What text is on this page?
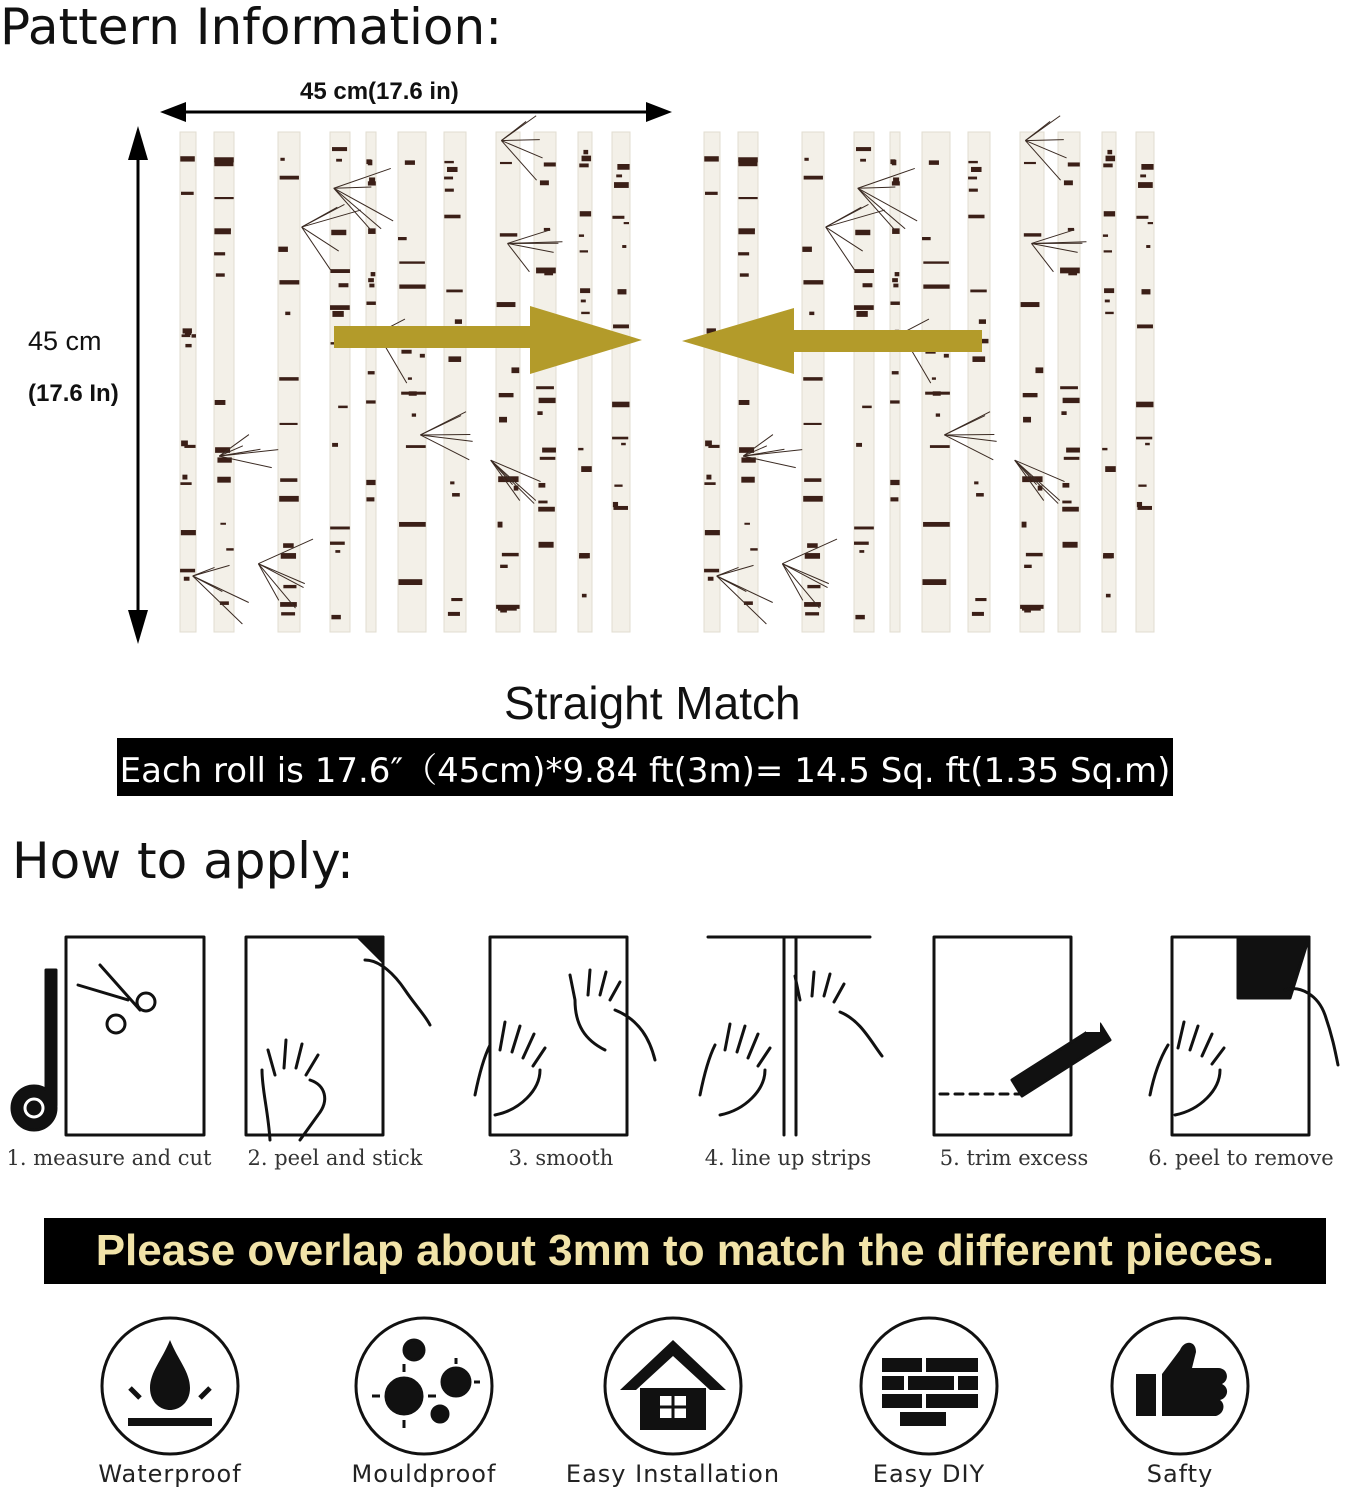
Pattern Information:
45 cm(17.6 in)
45 cm
(17.6 In)
Straight Match
Each roll is 17.6″（45cm)*9.84 ft(3m)= 14.5 Sq. ft(1.35 Sq.m)
How to apply:
1. measure and cut	2. peel and stick	3. smooth	4. line up strips	5. trim excess	6. peel to remove
Please overlap about 3mm to match the different pieces.
Waterproof	Mouldproof	Easy Installation	Easy DIY	Safty
